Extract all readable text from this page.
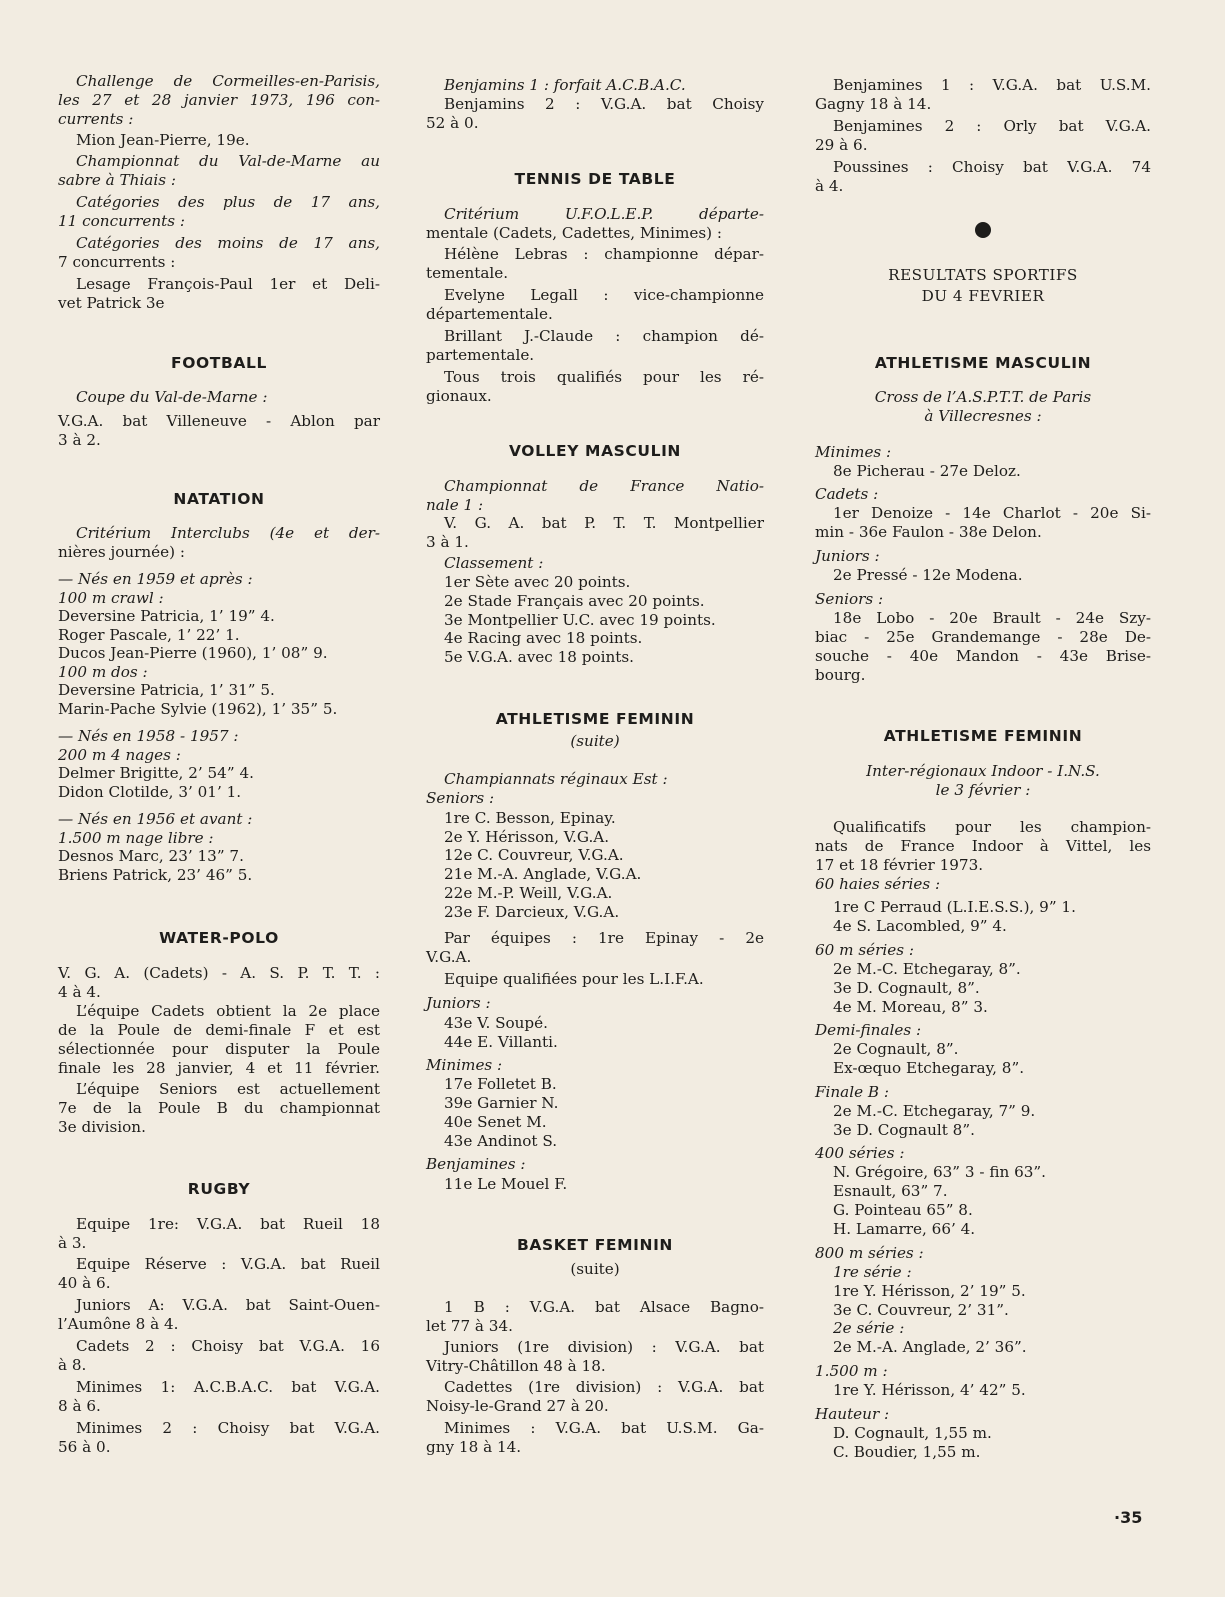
Challenge de Cormeilles-en-Parisis,
les 27 et 28 janvier 1973, 196 con-
currents :
Mion Jean-Pierre, 19e.
Championnat du Val-de-Marne au
sabre à Thiais :
Catégories des plus de 17 ans,
11 concurrents :
Catégories des moins de 17 ans,
7 concurrents :
Lesage François-Paul 1er et Deli-
vet Patrick 3e
FOOTBALL
Coupe du Val-de-Marne :
V.G.A. bat Villeneuve - Ablon par
3 à 2.
NATATION
Critérium Interclubs (4e et der-
nières journée) :
— Nés en 1959 et après :
100 m crawl :
Deversine Patricia, 1’ 19” 4.
Roger Pascale, 1’ 22’ 1.
Ducos Jean-Pierre (1960), 1’ 08” 9.
100 m dos :
Deversine Patricia, 1’ 31” 5.
Marin-Pache Sylvie (1962), 1’ 35” 5.
— Nés en 1958 - 1957 :
200 m 4 nages :
Delmer Brigitte, 2’ 54” 4.
Didon Clotilde, 3’ 01’ 1.
— Nés en 1956 et avant :
1.500 m nage libre :
Desnos Marc, 23’ 13” 7.
Briens Patrick, 23’ 46” 5.
WATER-POLO
V. G. A. (Cadets) - A. S. P. T. T. :
4 à 4.
L’équipe Cadets obtient la 2e place
de la Poule de demi-finale F et est
sélectionnée pour disputer la Poule
finale les 28 janvier, 4 et 11 février.
L’équipe Seniors est actuellement
7e de la Poule B du championnat
3e division.
RUGBY
Equipe 1re: V.G.A. bat Rueil 18
à 3.
Equipe Réserve : V.G.A. bat Rueil
40 à 6.
Juniors A: V.G.A. bat Saint-Ouen-
l’Aumône 8 à 4.
Cadets 2 : Choisy bat V.G.A. 16
à 8.
Minimes 1: A.C.B.A.C. bat V.G.A.
8 à 6.
Minimes 2 : Choisy bat V.G.A.
56 à 0.
Benjamins 1 : forfait A.C.B.A.C.
Benjamins 2 : V.G.A. bat Choisy
52 à 0.
TENNIS DE TABLE
Critérium U.F.O.L.E.P. départe-
mentale (Cadets, Cadettes, Minimes) :
Hélène Lebras : championne dépar-
tementale.
Evelyne Legall : vice-championne
départementale.
Brillant J.-Claude : champion dé-
partementale.
Tous trois qualifiés pour les ré-
gionaux.
VOLLEY MASCULIN
Championnat de France Natio-
nale 1 :
V. G. A. bat P. T. T. Montpellier
3 à 1.
Classement :
1er Sète avec 20 points.
2e Stade Français avec 20 points.
3e Montpellier U.C. avec 19 points.
4e Racing avec 18 points.
5e V.G.A. avec 18 points.
ATHLETISME FEMININ
(suite)
Champiannats réginaux Est :
Seniors :
1re C. Besson, Epinay.
2e Y. Hérisson, V.G.A.
12e C. Couvreur, V.G.A.
21e M.-A. Anglade, V.G.A.
22e M.-P. Weill, V.G.A.
23e F. Darcieux, V.G.A.
Par équipes : 1re Epinay - 2e
V.G.A.
Equipe qualifiées pour les L.I.F.A.
Juniors :
43e V. Soupé.
44e E. Villanti.
Minimes :
17e Folletet B.
39e Garnier N.
40e Senet M.
43e Andinot S.
Benjamines :
11e Le Mouel F.
BASKET FEMININ
(suite)
1 B : V.G.A. bat Alsace Bagno-
let 77 à 34.
Juniors (1re division) : V.G.A. bat
Vitry-Châtillon 48 à 18.
Cadettes (1re division) : V.G.A. bat
Noisy-le-Grand 27 à 20.
Minimes : V.G.A. bat U.S.M. Ga-
gny 18 à 14.
Benjamines 1 : V.G.A. bat U.S.M.
Gagny 18 à 14.
Benjamines 2 : Orly bat V.G.A.
29 à 6.
Poussines : Choisy bat V.G.A. 74
à 4.
RESULTATS SPORTIFS
DU 4 FEVRIER
ATHLETISME MASCULIN
Cross de l’A.S.P.T.T. de Paris
à Villecresnes :
Minimes :
8e Picherau - 27e Deloz.
Cadets :
1er Denoize - 14e Charlot - 20e Si-
min - 36e Faulon - 38e Delon.
Juniors :
2e Pressé - 12e Modena.
Seniors :
18e Lobo - 20e Brault - 24e Szy-
biac - 25e Grandemange - 28e De-
souche - 40e Mandon - 43e Brise-
bourg.
ATHLETISME FEMININ
Inter-régionaux Indoor - I.N.S.
le 3 février :
Qualificatifs pour les champion-
nats de France Indoor à Vittel, les
17 et 18 février 1973.
60 haies séries :
1re C Perraud (L.I.E.S.S.), 9” 1.
4e S. Lacombled, 9” 4.
60 m séries :
2e M.-C. Etchegaray, 8”.
3e D. Cognault, 8”.
4e M. Moreau, 8” 3.
Demi-finales :
2e Cognault, 8”.
Ex-œquo Etchegaray, 8”.
Finale B :
2e M.-C. Etchegaray, 7” 9.
3e D. Cognault 8”.
400 séries :
N. Grégoire, 63” 3 - fin 63”.
Esnault, 63” 7.
G. Pointeau 65” 8.
H. Lamarre, 66’ 4.
800 m séries :
1re série :
1re Y. Hérisson, 2’ 19” 5.
3e C. Couvreur, 2’ 31”.
2e série :
2e M.-A. Anglade, 2’ 36”.
1.500 m :
1re Y. Hérisson, 4’ 42” 5.
Hauteur :
D. Cognault, 1,55 m.
C. Boudier, 1,55 m.
·35
